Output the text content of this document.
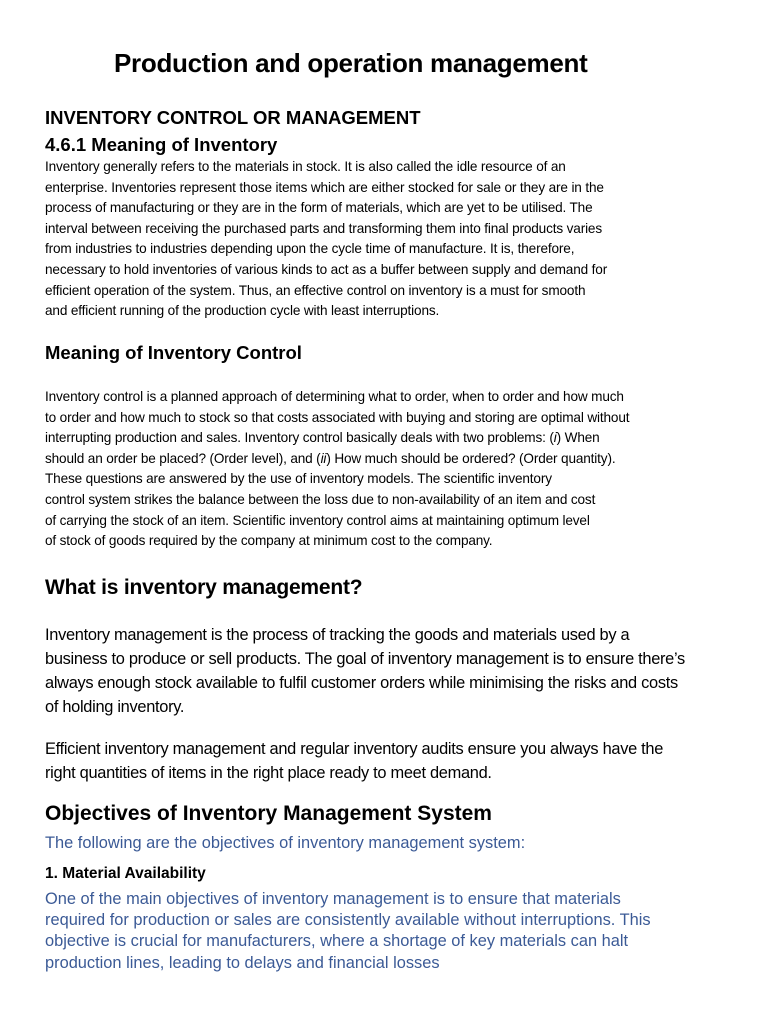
Production and operation management
INVENTORY CONTROL OR MANAGEMENT
4.6.1 Meaning of Inventory

Inventory generally refers to the materials in stock. It is also called the idle resource of an
enterprise. Inventories represent those items which are either stocked for sale or they are in the
process of manufacturing or they are in the form of materials, which are yet to be utilised. The
interval between receiving the purchased parts and transforming them into final products varies
from industries to industries depending upon the cycle time of manufacture. It is, therefore,
necessary to hold inventories of various kinds to act as a buffer between supply and demand for
efficient operation of the system. Thus, an effective control on inventory is a must for smooth
and efficient running of the production cycle with least interruptions.

Meaning of Inventory Control

Inventory control is a planned approach of determining what to order, when to order and how much
to order and how much to stock so that costs associated with buying and storing are optimal without
interrupting production and sales. Inventory control basically deals with two problems: (i) When
should an order be placed? (Order level), and (ii) How much should be ordered? (Order quantity).
These questions are answered by the use of inventory models. The scientific inventory
control system strikes the balance between the loss due to non-availability of an item and cost
of carrying the stock of an item. Scientific inventory control aims at maintaining optimum level
of stock of goods required by the company at minimum cost to the company.

What is inventory management?

Inventory management is the process of tracking the goods and materials used by a
business to produce or sell products. The goal of inventory management is to ensure there’s
always enough stock available to fulfil customer orders while minimising the risks and costs
of holding inventory.

Efficient inventory management and regular inventory audits ensure you always have the
right quantities of items in the right place ready to meet demand.

Objectives of Inventory Management System

The following are the objectives of inventory management system:

1. Material Availability

One of the main objectives of inventory management is to ensure that materials
required for production or sales are consistently available without interruptions. This
objective is crucial for manufacturers, where a shortage of key materials can halt
production lines, leading to delays and financial losses
